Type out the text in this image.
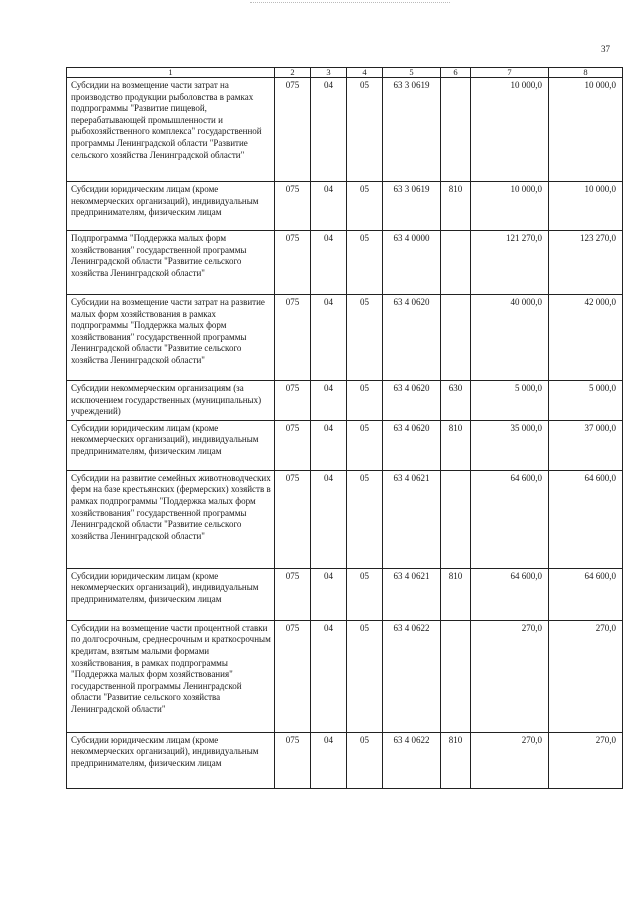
37
1	2	3	4	5	6	7	8
Субсидии на возмещение части затрат на производство продукции рыболовства в рамках подпрограммы "Развитие пищевой, перерабатывающей промышленности и рыбохозяйственного комплекса" государственной программы Ленинградской области "Развитие сельского хозяйства Ленинградской области"	075	04	05	63 3 0619		10 000,0	10 000,0
Субсидии юридическим лицам (кроме некоммерческих организаций), индивидуальным предпринимателям, физическим лицам	075	04	05	63 3 0619	810	10 000,0	10 000,0
Подпрограмма "Поддержка малых форм хозяйствования" государственной программы Ленинградской области "Развитие сельского хозяйства Ленинградской области"	075	04	05	63 4 0000		121 270,0	123 270,0
Субсидии на возмещение части затрат на развитие малых форм хозяйствования в рамках подпрограммы "Поддержка малых форм хозяйствования" государственной программы Ленинградской области "Развитие сельского хозяйства Ленинградской области"	075	04	05	63 4 0620		40 000,0	42 000,0
Субсидии некоммерческим организациям (за исключением государственных (муниципальных) учреждений)	075	04	05	63 4 0620	630	5 000,0	5 000,0
Субсидии юридическим лицам (кроме некоммерческих организаций), индивидуальным предпринимателям, физическим лицам	075	04	05	63 4 0620	810	35 000,0	37 000,0
Субсидии на развитие семейных животноводческих ферм на базе крестьянских (фермерских) хозяйств в рамках подпрограммы "Поддержка малых форм хозяйствования" государственной программы Ленинградской области "Развитие сельского хозяйства Ленинградской области"	075	04	05	63 4 0621		64 600,0	64 600,0
Субсидии юридическим лицам (кроме некоммерческих организаций), индивидуальным предпринимателям, физическим лицам	075	04	05	63 4 0621	810	64 600,0	64 600,0
Субсидии на возмещение части процентной ставки по долгосрочным, среднесрочным и краткосрочным кредитам, взятым малыми формами хозяйствования, в рамках подпрограммы "Поддержка малых форм хозяйствования" государственной программы Ленинградской области "Развитие сельского хозяйства Ленинградской области"	075	04	05	63 4 0622		270,0	270,0
Субсидии юридическим лицам (кроме некоммерческих организаций), индивидуальным предпринимателям, физическим лицам	075	04	05	63 4 0622	810	270,0	270,0
